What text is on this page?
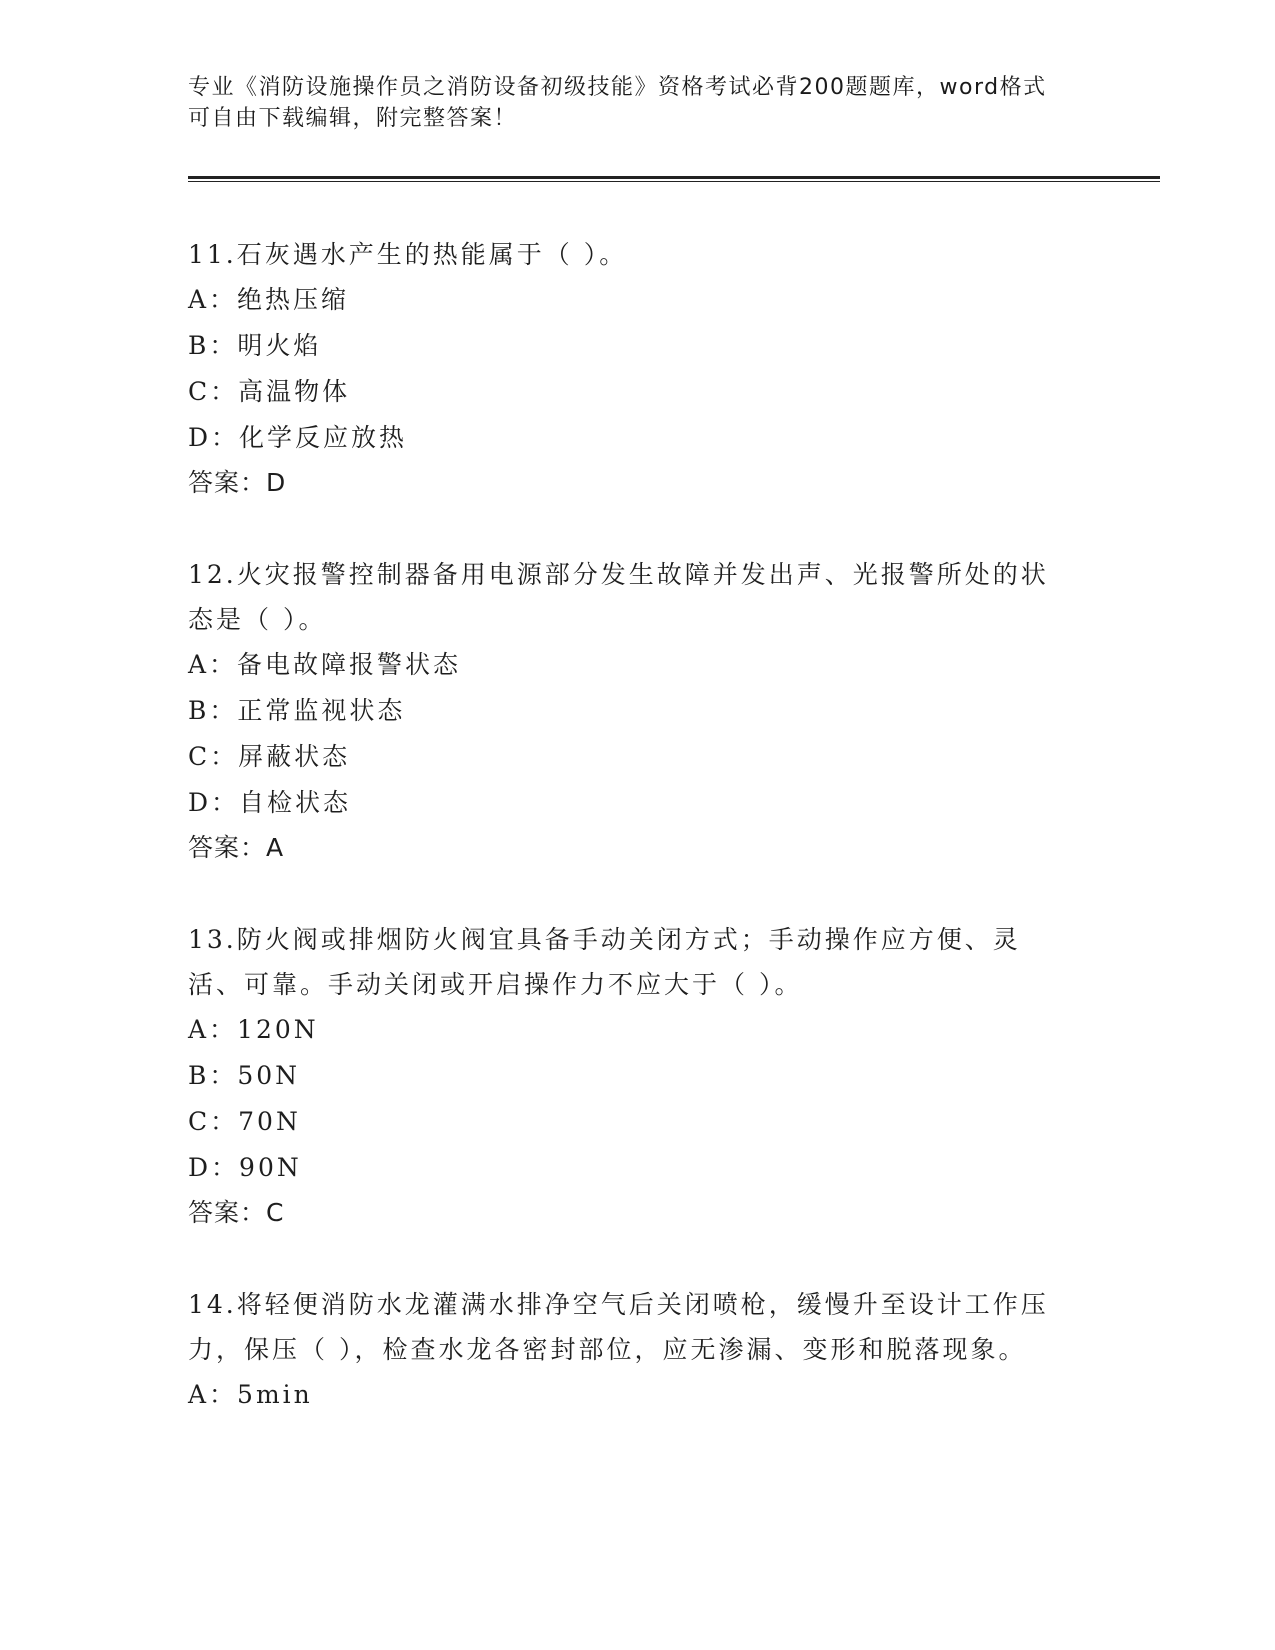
专业《消防设施操作员之消防设备初级技能》资格考试必背200题题库，word格式可自由下载编辑，附完整答案！

11.石灰遇水产生的热能属于（ ）。

A：绝热压缩

B：明火焰

C：高温物体

D：化学反应放热

答案：D

12.火灾报警控制器备用电源部分发生故障并发出声、光报警所处的状态是（ ）。

A：备电故障报警状态

B：正常监视状态

C：屏蔽状态

D：自检状态

答案：A

13.防火阀或排烟防火阀宜具备手动关闭方式；手动操作应方便、灵活、可靠。手动关闭或开启操作力不应大于（ ）。

A：120N

B：50N

C：70N

D：90N

答案：C

14.将轻便消防水龙灌满水排净空气后关闭喷枪，缓慢升至设计工作压力，保压（ ），检查水龙各密封部位，应无渗漏、变形和脱落现象。

A：5min
